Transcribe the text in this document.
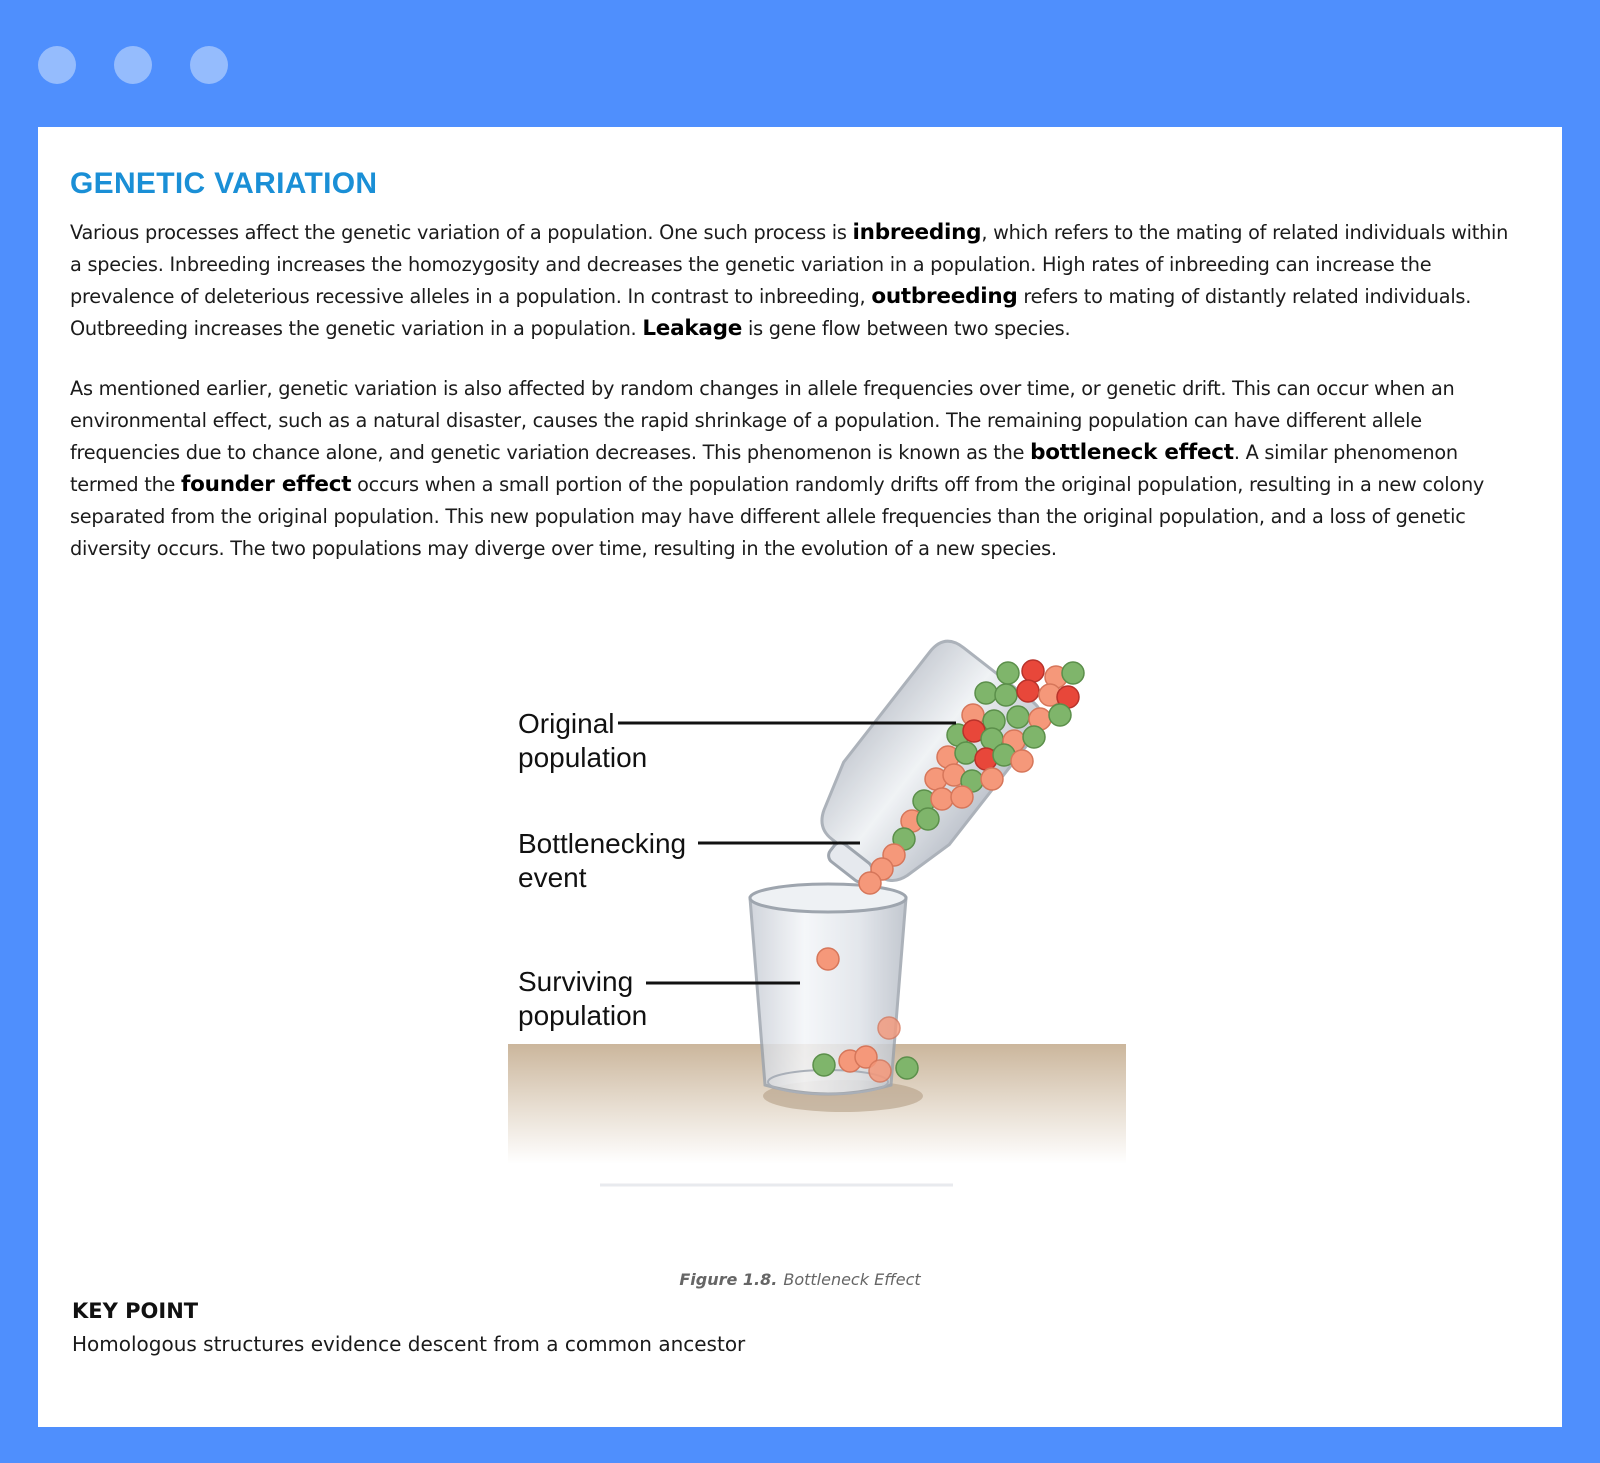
GENETIC VARIATION

Various processes affect the genetic variation of a population. One such process is inbreeding, which refers to the mating of related individuals within a species. Inbreeding increases the homozygosity and decreases the genetic variation in a population. High rates of inbreeding can increase the prevalence of deleterious recessive alleles in a population. In contrast to inbreeding, outbreeding refers to mating of distantly related individuals. Outbreeding increases the genetic variation in a population. Leakage is gene flow between two species.

As mentioned earlier, genetic variation is also affected by random changes in allele frequencies over time, or genetic drift. This can occur when an environmental effect, such as a natural disaster, causes the rapid shrinkage of a population. The remaining population can have different allele frequencies due to chance alone, and genetic variation decreases. This phenomenon is known as the bottleneck effect. A similar phenomenon termed the founder effect occurs when a small portion of the population randomly drifts off from the original population, resulting in a new colony separated from the original population. This new population may have different allele frequencies than the original population, and a loss of genetic diversity occurs. The two populations may diverge over time, resulting in the evolution of a new species.

Original
population
Bottlenecking
event
Surviving
population
Figure 1.8. Bottleneck Effect
KEY POINT

Homologous structures evidence descent from a common ancestor
